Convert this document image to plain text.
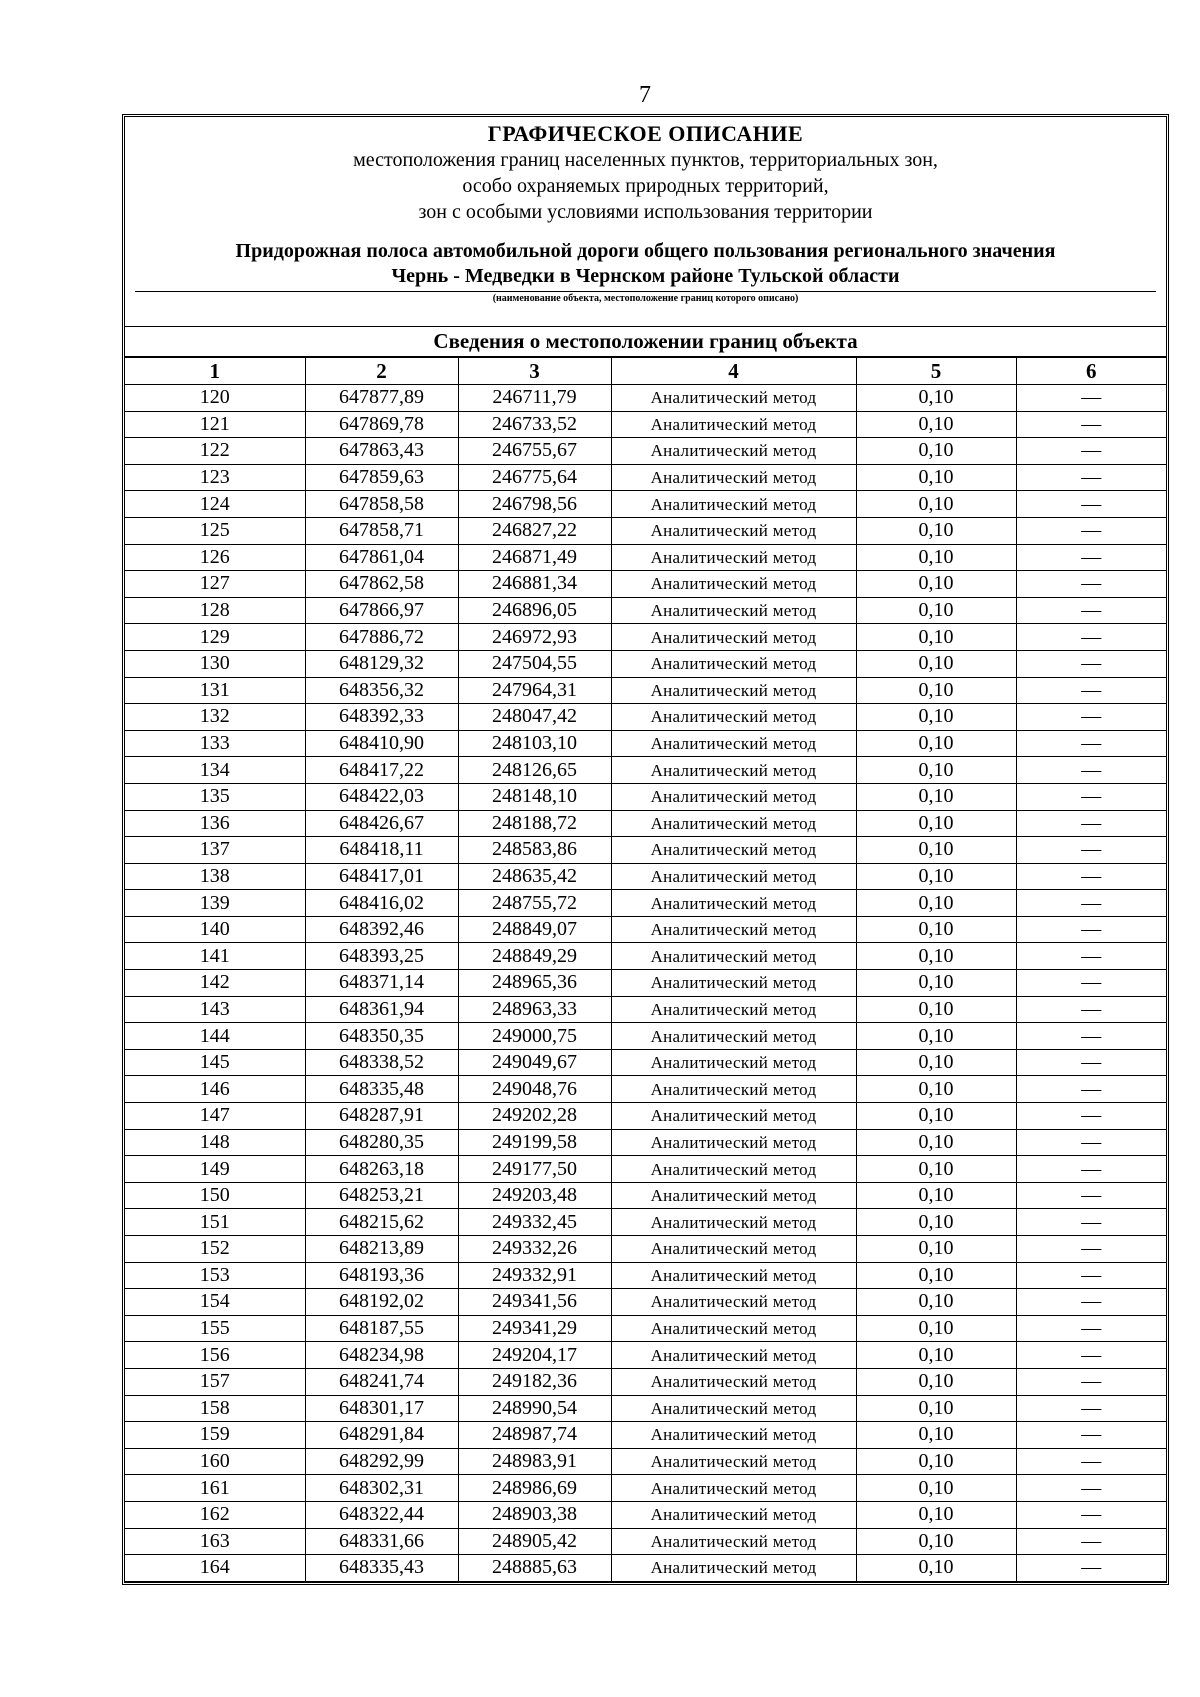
7
ГРАФИЧЕСКОЕ ОПИСАНИЕ
местоположения границ населенных пунктов, территориальных зон,
особо охраняемых природных территорий,
зон с особыми условиями использования территории
Придорожная полоса автомобильной дороги общего пользования регионального значения
Чернь - Медведки в Чернском районе Тульской области
(наименование объекта, местоположение границ которого описано)
Сведения о местоположении границ объекта
1	2	3	4	5	6
120	647877,89	246711,79	Аналитический метод	0,10	—
121	647869,78	246733,52	Аналитический метод	0,10	—
122	647863,43	246755,67	Аналитический метод	0,10	—
123	647859,63	246775,64	Аналитический метод	0,10	—
124	647858,58	246798,56	Аналитический метод	0,10	—
125	647858,71	246827,22	Аналитический метод	0,10	—
126	647861,04	246871,49	Аналитический метод	0,10	—
127	647862,58	246881,34	Аналитический метод	0,10	—
128	647866,97	246896,05	Аналитический метод	0,10	—
129	647886,72	246972,93	Аналитический метод	0,10	—
130	648129,32	247504,55	Аналитический метод	0,10	—
131	648356,32	247964,31	Аналитический метод	0,10	—
132	648392,33	248047,42	Аналитический метод	0,10	—
133	648410,90	248103,10	Аналитический метод	0,10	—
134	648417,22	248126,65	Аналитический метод	0,10	—
135	648422,03	248148,10	Аналитический метод	0,10	—
136	648426,67	248188,72	Аналитический метод	0,10	—
137	648418,11	248583,86	Аналитический метод	0,10	—
138	648417,01	248635,42	Аналитический метод	0,10	—
139	648416,02	248755,72	Аналитический метод	0,10	—
140	648392,46	248849,07	Аналитический метод	0,10	—
141	648393,25	248849,29	Аналитический метод	0,10	—
142	648371,14	248965,36	Аналитический метод	0,10	—
143	648361,94	248963,33	Аналитический метод	0,10	—
144	648350,35	249000,75	Аналитический метод	0,10	—
145	648338,52	249049,67	Аналитический метод	0,10	—
146	648335,48	249048,76	Аналитический метод	0,10	—
147	648287,91	249202,28	Аналитический метод	0,10	—
148	648280,35	249199,58	Аналитический метод	0,10	—
149	648263,18	249177,50	Аналитический метод	0,10	—
150	648253,21	249203,48	Аналитический метод	0,10	—
151	648215,62	249332,45	Аналитический метод	0,10	—
152	648213,89	249332,26	Аналитический метод	0,10	—
153	648193,36	249332,91	Аналитический метод	0,10	—
154	648192,02	249341,56	Аналитический метод	0,10	—
155	648187,55	249341,29	Аналитический метод	0,10	—
156	648234,98	249204,17	Аналитический метод	0,10	—
157	648241,74	249182,36	Аналитический метод	0,10	—
158	648301,17	248990,54	Аналитический метод	0,10	—
159	648291,84	248987,74	Аналитический метод	0,10	—
160	648292,99	248983,91	Аналитический метод	0,10	—
161	648302,31	248986,69	Аналитический метод	0,10	—
162	648322,44	248903,38	Аналитический метод	0,10	—
163	648331,66	248905,42	Аналитический метод	0,10	—
164	648335,43	248885,63	Аналитический метод	0,10	—
